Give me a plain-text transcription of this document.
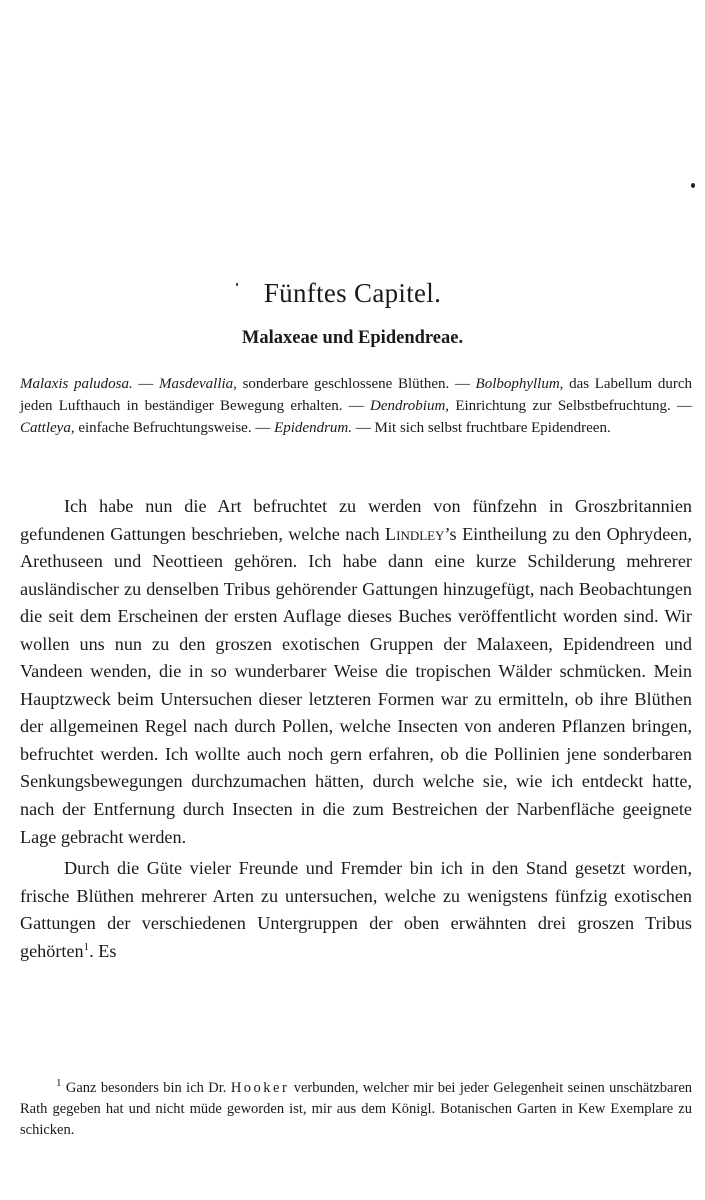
Fünftes Capitel.
Malaxeae und Epidendreae.
Malaxis paludosa. — Masdevallia, sonderbare geschlossene Blüthen. — Bolbophyllum, das Labellum durch jeden Lufthauch in beständiger Bewegung erhalten. — Dendrobium, Einrichtung zur Selbstbefruchtung. — Cattleya, einfache Befruchtungsweise. — Epidendrum. — Mit sich selbst fruchtbare Epidendreen.

Ich habe nun die Art befruchtet zu werden von fünfzehn in Groszbritannien gefundenen Gattungen beschrieben, welche nach Lindley’s Eintheilung zu den Ophrydeen, Arethuseen und Neottieen gehören. Ich habe dann eine kurze Schilderung mehrerer ausländischer zu denselben Tribus gehörender Gattungen hinzugefügt, nach Beobachtungen die seit dem Erscheinen der ersten Auflage dieses Buches veröffentlicht worden sind. Wir wollen uns nun zu den groszen exotischen Gruppen der Malaxeen, Epidendreen und Vandeen wenden, die in so wunderbarer Weise die tropischen Wälder schmücken. Mein Hauptzweck beim Untersuchen dieser letzteren Formen war zu ermitteln, ob ihre Blüthen der allgemeinen Regel nach durch Pollen, welche Insecten von anderen Pflanzen bringen, befruchtet werden. Ich wollte auch noch gern erfahren, ob die Pollinien jene sonderbaren Senkungsbewegungen durchzumachen hätten, durch welche sie, wie ich entdeckt hatte, nach der Entfernung durch Insecten in die zum Bestreichen der Narbenfläche geeignete Lage gebracht werden.

Durch die Güte vieler Freunde und Fremder bin ich in den Stand gesetzt worden, frische Blüthen mehrerer Arten zu untersuchen, welche zu wenigstens fünfzig exotischen Gattungen der verschiedenen Untergruppen der oben erwähnten drei groszen Tribus gehörten$^1$. Es

$^1$ Ganz besonders bin ich Dr. Hooker verbunden, welcher mir bei jeder Gelegenheit seinen unschätzbaren Rath gegeben hat und nicht müde geworden ist, mir aus dem Königl. Botanischen Garten in Kew Exemplare zu schicken.
